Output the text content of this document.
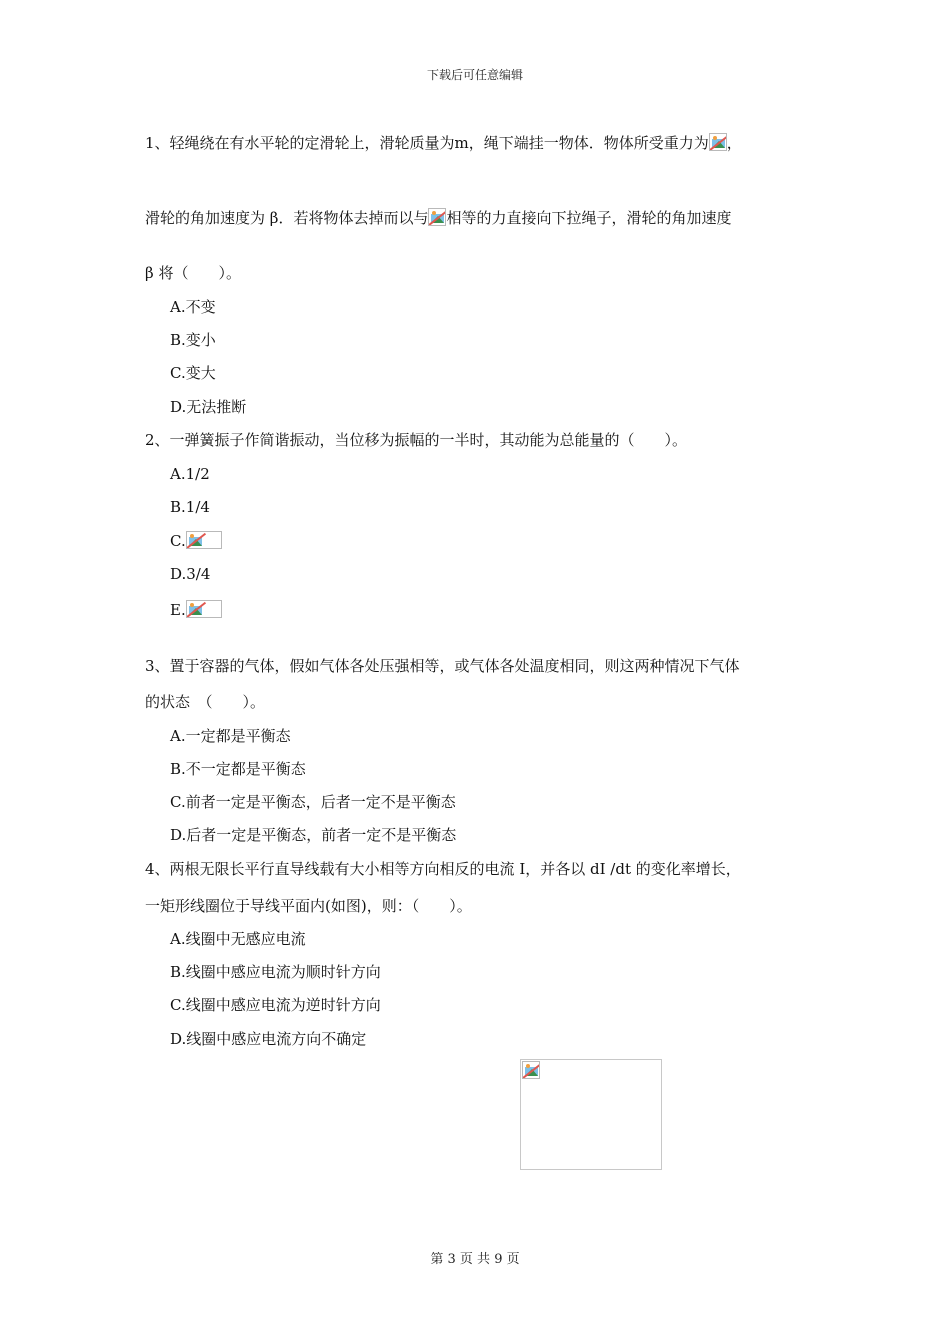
下载后可任意编辑
1、轻绳绕在有水平轮的定滑轮上，滑轮质量为m，绳下端挂一物体．物体所受重力为 ，
滑轮的角加速度为 β．若将物体去掉而以与 相等的力直接向下拉绳子，滑轮的角加速度
β 将（　　）。
A.不变
B.变小
C.变大
D.无法推断
2、一弹簧振子作简谐振动，当位移为振幅的一半时，其动能为总能量的（　　）。
A.1/2
B.1/4
C.
D.3/4
E.
3、置于容器的气体，假如气体各处压强相等，或气体各处温度相同，则这两种情况下气体
的状态　（　　）。
A.一定都是平衡态
B.不一定都是平衡态
C.前者一定是平衡态，后者一定不是平衡态
D.后者一定是平衡态，前者一定不是平衡态
4、两根无限长平行直导线载有大小相等方向相反的电流 I，并各以 dI /dt 的变化率增长，
一矩形线圈位于导线平面内(如图)，则：（　　）。
A.线圈中无感应电流
B.线圈中感应电流为顺时针方向
C.线圈中感应电流为逆时针方向
D.线圈中感应电流方向不确定
第 3 页 共 9 页
